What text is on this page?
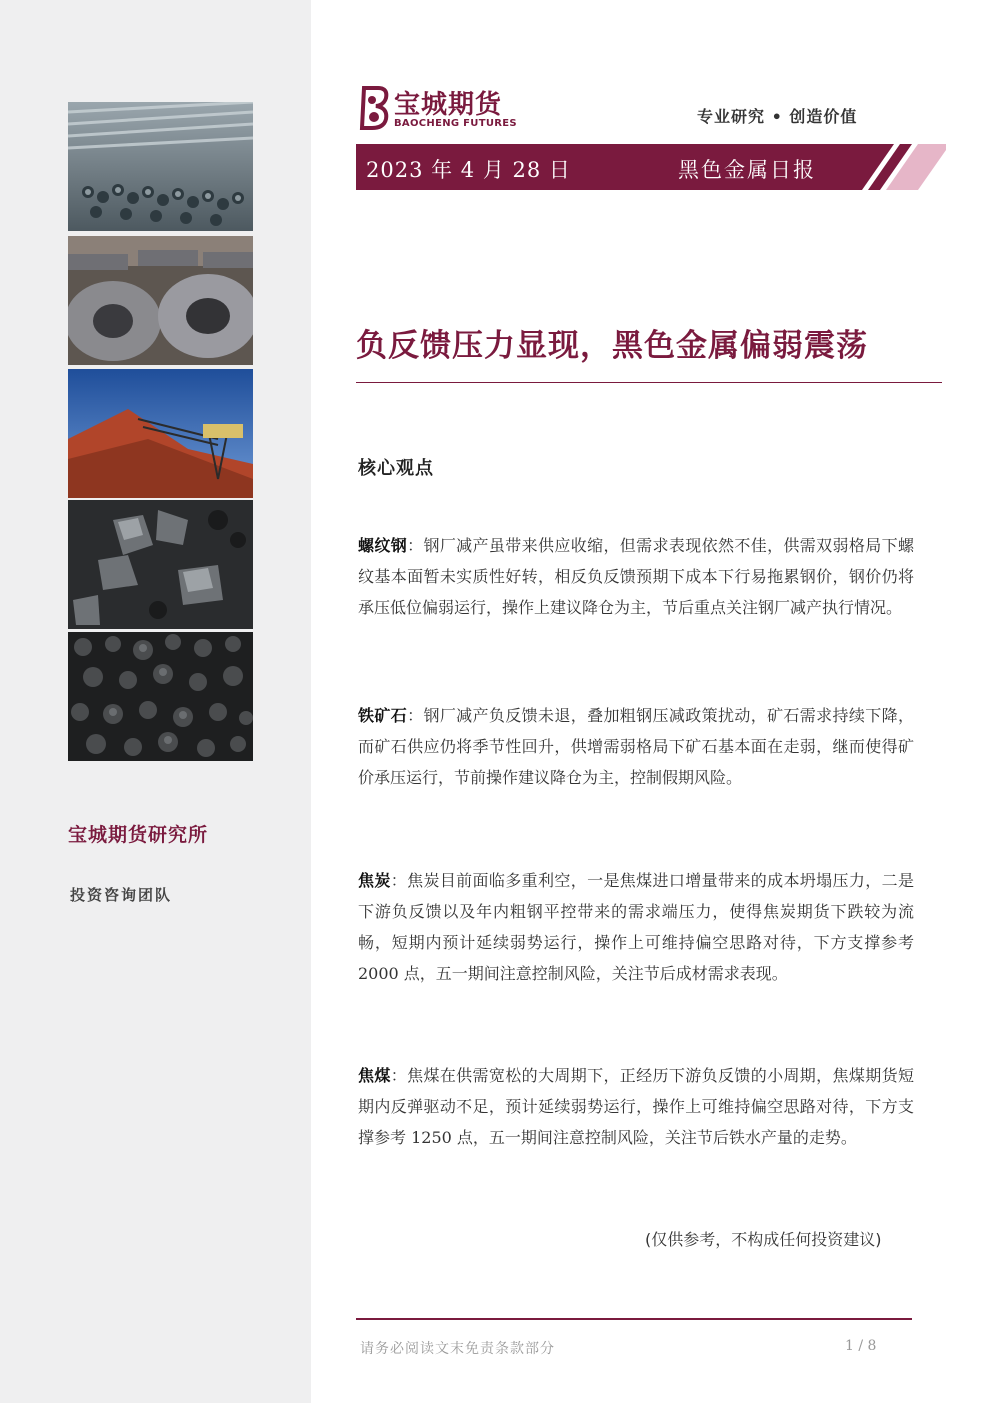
宝城期货研究所
投资咨询团队
宝城期货
BAOCHENG FUTURES	专业研究 • 创造价值
2023 年 4 月 28 日	黑色金属日报
负反馈压力显现，黑色金属偏弱震荡
核心观点
螺纹钢：钢厂减产虽带来供应收缩，但需求表现依然不佳，供需双弱格局下螺纹基本面暂未实质性好转，相反负反馈预期下成本下行易拖累钢价，钢价仍将承压低位偏弱运行，操作上建议降仓为主，节后重点关注钢厂减产执行情况。
铁矿石：钢厂减产负反馈未退，叠加粗钢压减政策扰动，矿石需求持续下降，而矿石供应仍将季节性回升，供增需弱格局下矿石基本面在走弱，继而使得矿价承压运行，节前操作建议降仓为主，控制假期风险。
焦炭：焦炭目前面临多重利空，一是焦煤进口增量带来的成本坍塌压力，二是下游负反馈以及年内粗钢平控带来的需求端压力，使得焦炭期货下跌较为流畅，短期内预计延续弱势运行，操作上可维持偏空思路对待，下方支撑参考 2000 点，五一期间注意控制风险，关注节后成材需求表现。
焦煤：焦煤在供需宽松的大周期下，正经历下游负反馈的小周期，焦煤期货短期内反弹驱动不足，预计延续弱势运行，操作上可维持偏空思路对待，下方支撑参考 1250 点，五一期间注意控制风险，关注节后铁水产量的走势。
(仅供参考，不构成任何投资建议)
请务必阅读文末免责条款部分	1 / 8
